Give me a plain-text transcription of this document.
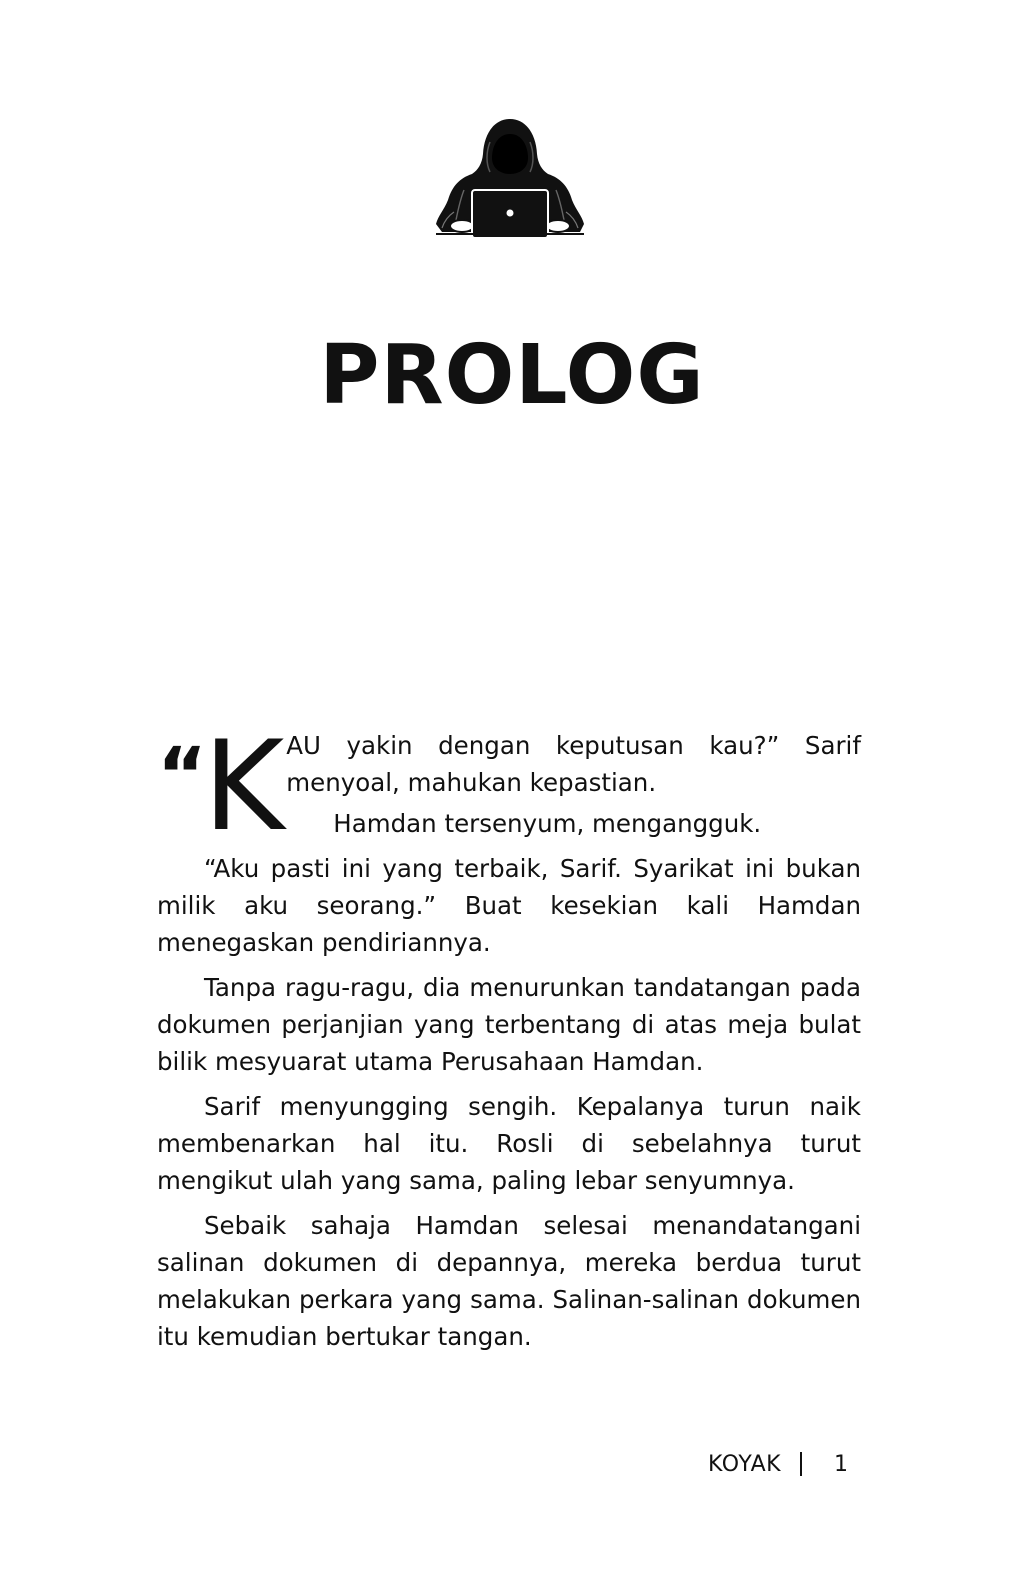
PROLOG

“K AU yakin dengan keputusan kau?” Sarif menyoal, mahukan kepastian.

Hamdan tersenyum, mengangguk.

“Aku pasti ini yang terbaik, Sarif. Syarikat ini bukan milik aku seorang.” Buat kesekian kali Hamdan menegaskan pendiriannya.

Tanpa ragu-ragu, dia menurunkan tandatangan pada dokumen perjanjian yang terbentang di atas meja bulat bilik mesyuarat utama Perusahaan Hamdan.

Sarif menyungging sengih. Kepalanya turun naik membenarkan hal itu. Rosli di sebelahnya turut mengikut ulah yang sama, paling lebar senyumnya.

Sebaik sahaja Hamdan selesai menandatangani salinan dokumen di depannya, mereka berdua turut melakukan perkara yang sama. Salinan-salinan dokumen itu kemudian bertukar tangan.

KOYAK 1
